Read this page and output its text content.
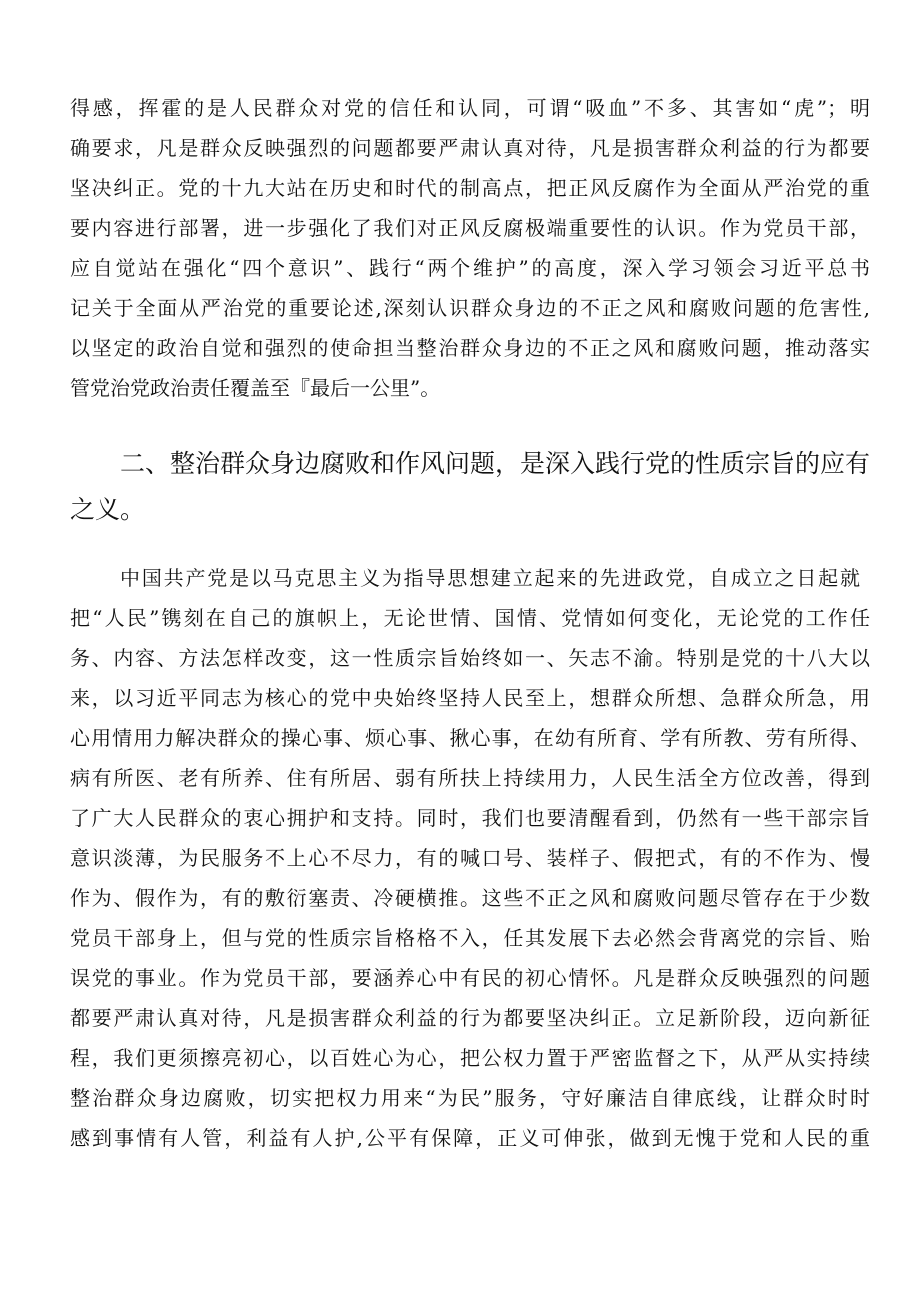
得感，挥霍的是人民群众对党的信任和认同，可谓“吸血”不多、其害如“虎”；明
确要求，凡是群众反映强烈的问题都要严肃认真对待，凡是损害群众利益的行为都要
坚决纠正。党的十九大站在历史和时代的制高点，把正风反腐作为全面从严治党的重
要内容进行部署，进一步强化了我们对正风反腐极端重要性的认识。作为党员干部，
应自觉站在强化“四个意识”、践行“两个维护”的高度，深入学习领会习近平总书
记关于全面从严治党的重要论述,深刻认识群众身边的不正之风和腐败问题的危害性,
以坚定的政治自觉和强烈的使命担当整治群众身边的不正之风和腐败问题，推动落实
管党治党政治责任覆盖至『最后一公里”。
二、整治群众身边腐败和作风问题，是深入践行党的性质宗旨的应有
之义。
中国共产党是以马克思主义为指导思想建立起来的先进政党，自成立之日起就
把“人民”镌刻在自己的旗帜上，无论世情、国情、党情如何变化，无论党的工作任
务、内容、方法怎样改变，这一性质宗旨始终如一、矢志不渝。特别是党的十八大以
来，以习近平同志为核心的党中央始终坚持人民至上，想群众所想、急群众所急，用
心用情用力解决群众的操心事、烦心事、揪心事，在幼有所育、学有所教、劳有所得、
病有所医、老有所养、住有所居、弱有所扶上持续用力，人民生活全方位改善，得到
了广大人民群众的衷心拥护和支持。同时，我们也要清醒看到，仍然有一些干部宗旨
意识淡薄，为民服务不上心不尽力，有的喊口号、装样子、假把式，有的不作为、慢
作为、假作为，有的敷衍塞责、冷硬横推。这些不正之风和腐败问题尽管存在于少数
党员干部身上，但与党的性质宗旨格格不入，任其发展下去必然会背离党的宗旨、贻
误党的事业。作为党员干部，要涵养心中有民的初心情怀。凡是群众反映强烈的问题
都要严肃认真对待，凡是损害群众利益的行为都要坚决纠正。立足新阶段，迈向新征
程，我们更须擦亮初心，以百姓心为心，把公权力置于严密监督之下，从严从实持续
整治群众身边腐败，切实把权力用来“为民”服务，守好廉洁自律底线，让群众时时
感到事情有人管，利益有人护,公平有保障，正义可伸张，做到无愧于党和人民的重
